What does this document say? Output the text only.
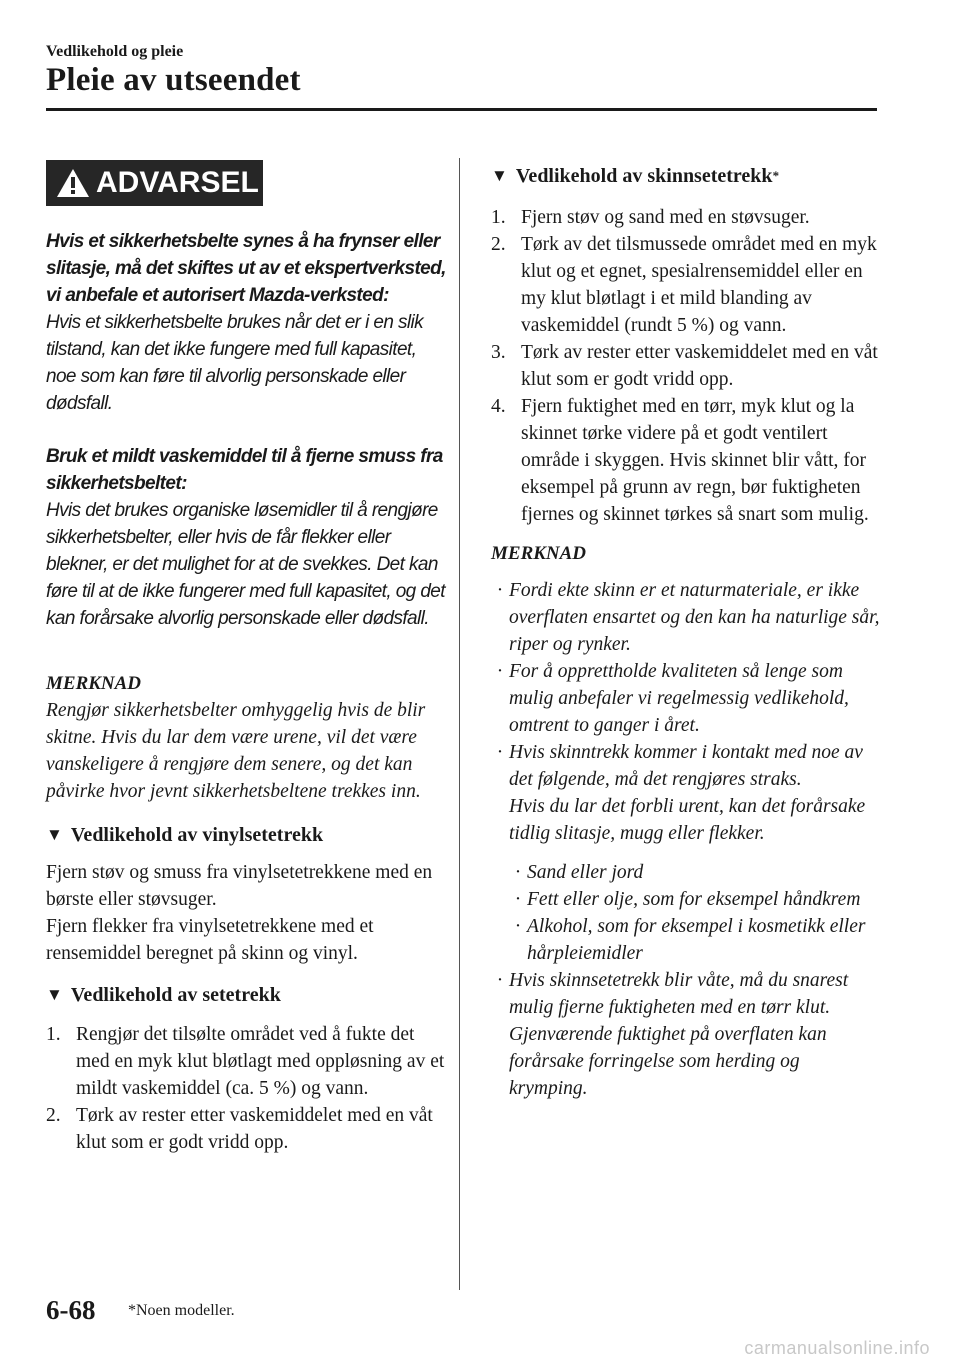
Vedlikehold og pleie
Pleie av utseendet
ADVARSEL

Hvis et sikkerhetsbelte synes å ha frynser eller slitasje, må det skiftes ut av et ekspertverksted, vi anbefale et autorisert Mazda-verksted:

Hvis et sikkerhetsbelte brukes når det er i en slik tilstand, kan det ikke fungere med full kapasitet, noe som kan føre til alvorlig personskade eller dødsfall.

Bruk et mildt vaskemiddel til å fjerne smuss fra sikkerhetsbeltet:

Hvis det brukes organiske løsemidler til å rengjøre sikkerhetsbelter, eller hvis de får flekker eller blekner, er det mulighet for at de svekkes. Det kan føre til at de ikke fungerer med full kapasitet, og det kan forårsake alvorlig personskade eller dødsfall.

MERKNAD
Rengjør sikkerhetsbelter omhyggelig hvis de blir skitne. Hvis du lar dem være urene, vil det være vanskeligere å rengjøre dem senere, og det kan påvirke hvor jevnt sikkerhetsbeltene trekkes inn.
▼ Vedlikehold av vinylsetetrekk

Fjern støv og smuss fra vinylsetetrekkene med en børste eller støvsuger.

Fjern flekker fra vinylsetetrekkene med et rensemiddel beregnet på skinn og vinyl.

▼ Vedlikehold av setetrekk
1. Rengjør det tilsølte området ved å fukte det med en myk klut bløtlagt med oppløsning av et mildt vaskemiddel (ca. 5 %) og vann.
2. Tørk av rester etter vaskemiddelet med en våt klut som er godt vridd opp.
▼ Vedlikehold av skinnsetetrekk *
1. Fjern støv og sand med en støvsuger.
2. Tørk av det tilsmussede området med en myk klut og et egnet, spesialrensemiddel eller en my klut bløtlagt i et mild blanding av vaskemiddel (rundt 5 %) og vann.
3. Tørk av rester etter vaskemiddelet med en våt klut som er godt vridd opp.
4. Fjern fuktighet med en tørr, myk klut og la skinnet tørke videre på et godt ventilert område i skyggen. Hvis skinnet blir vått, for eksempel på grunn av regn, bør fuktigheten fjernes og skinnet tørkes så snart som mulig.
MERKNAD
· Fordi ekte skinn er et naturmateriale, er ikke overflaten ensartet og den kan ha naturlige sår, riper og rynker.
· For å opprettholde kvaliteten så lenge som mulig anbefaler vi regelmessig vedlikehold, omtrent to ganger i året.
· Hvis skinntrekk kommer i kontakt med noe av det følgende, må det rengjøres straks.
Hvis du lar det forbli urent, kan det forårsake tidlig slitasje, mugg eller flekker.
· Sand eller jord
· Fett eller olje, som for eksempel håndkrem
· Alkohol, som for eksempel i kosmetikk eller hårpleiemidler
· Hvis skinnsetetrekk blir våte, må du snarest mulig fjerne fuktigheten med en tørr klut. Gjenværende fuktighet på overflaten kan forårsake forringelse som herding og krymping.
6-68 *Noen modeller.
carmanualsonline.info
